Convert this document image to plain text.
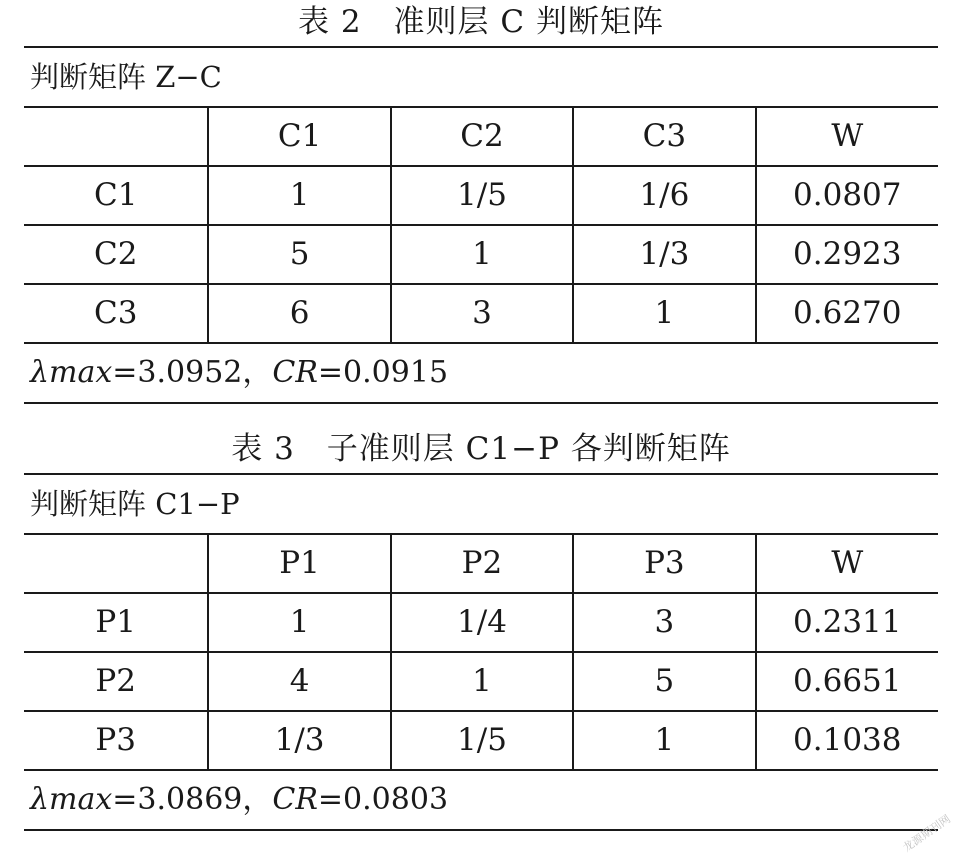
表 2　准则层 C 判断矩阵
判断矩阵 Z−C
	C1	C2	C3	W
C1	1	1/5	1/6	0.0807
C2	5	1	1/3	0.2923
C3	6	3	1	0.6270
λmax=3.0952，CR=0.0915
表 3　子准则层 C1−P 各判断矩阵
判断矩阵 C1−P
	P1	P2	P3	W
P1	1	1/4	3	0.2311
P2	4	1	5	0.6651
P3	1/3	1/5	1	0.1038
λmax=3.0869，CR=0.0803
龙源期刊网
